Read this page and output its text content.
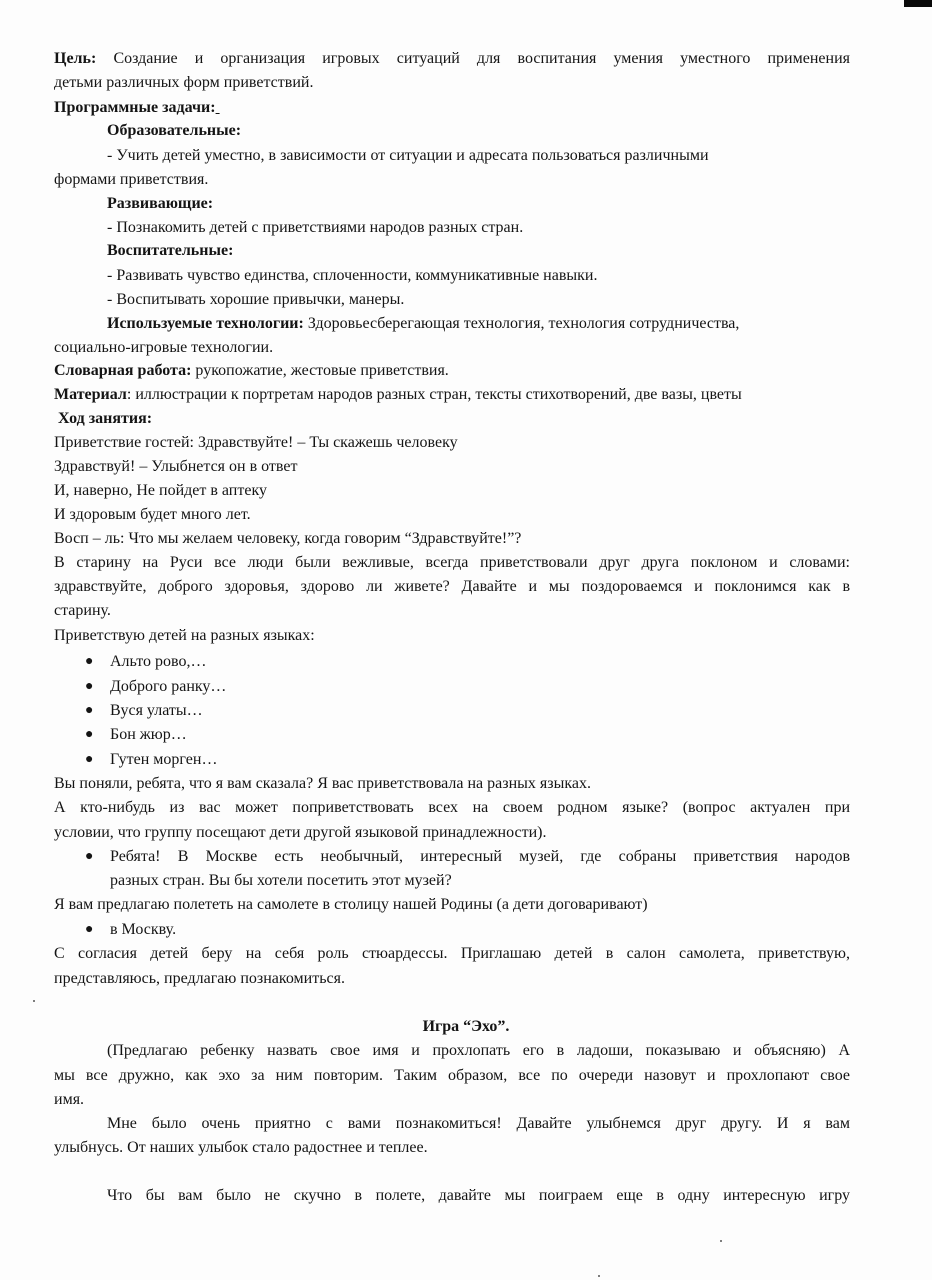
Цель: Создание и организация игровых ситуаций для воспитания умения уместного применения
детьми различных форм приветствий.
Программные задачи:
Образовательные:
- Учить детей уместно, в зависимости от ситуации и адресата пользоваться различными
формами приветствия.
Развивающие:
- Познакомить детей с приветствиями народов разных стран.
Воспитательные:
- Развивать чувство единства, сплоченности, коммуникативные навыки.
- Воспитывать хорошие привычки, манеры.
Используемые технологии: Здоровьесберегающая технология, технология сотрудничества,
социально-игровые технологии.
Словарная работа: рукопожатие, жестовые приветствия.
Материал: иллюстрации к портретам народов разных стран, тексты стихотворений, две вазы, цветы
Ход занятия:
Приветствие гостей: Здравствуйте! – Ты скажешь человеку
Здравствуй! – Улыбнется он в ответ
И, наверно, Не пойдет в аптеку
И здоровым будет много лет.
Восп – ль: Что мы желаем человеку, когда говорим “Здравствуйте!”?
В старину на Руси все люди были вежливые, всегда приветствовали друг друга поклоном и словами:
здравствуйте, доброго здоровья, здорово ли живете? Давайте и мы поздороваемся и поклонимся как в
старину.
Приветствую детей на разных языках:
● Альто рово,…
● Доброго ранку…
● Вуся улаты…
● Бон жюр…
● Гутен морген…
Вы поняли, ребята, что я вам сказала? Я вас приветствовала на разных языках.
А кто-нибудь из вас может поприветствовать всех на своем родном языке? (вопрос актуален при
условии, что группу посещают дети другой языковой принадлежности).
● Ребята! В Москве есть необычный, интересный музей, где собраны приветствия народов
разных стран. Вы бы хотели посетить этот музей?
Я вам предлагаю полететь на самолете в столицу нашей Родины (а дети договаривают)
● в Москву.
С согласия детей беру на себя роль стюардессы. Приглашаю детей в салон самолета, приветствую,
представляюсь, предлагаю познакомиться.
Игра “Эхо”.
(Предлагаю ребенку назвать свое имя и прохлопать его в ладоши, показываю и объясняю) А
мы все дружно, как эхо за ним повторим. Таким образом, все по очереди назовут и прохлопают свое
имя.
Мне было очень приятно с вами познакомиться! Давайте улыбнемся друг другу. И я вам
улыбнусь. От наших улыбок стало радостнее и теплее.
Что бы вам было не скучно в полете, давайте мы поиграем еще в одну интересную игру
